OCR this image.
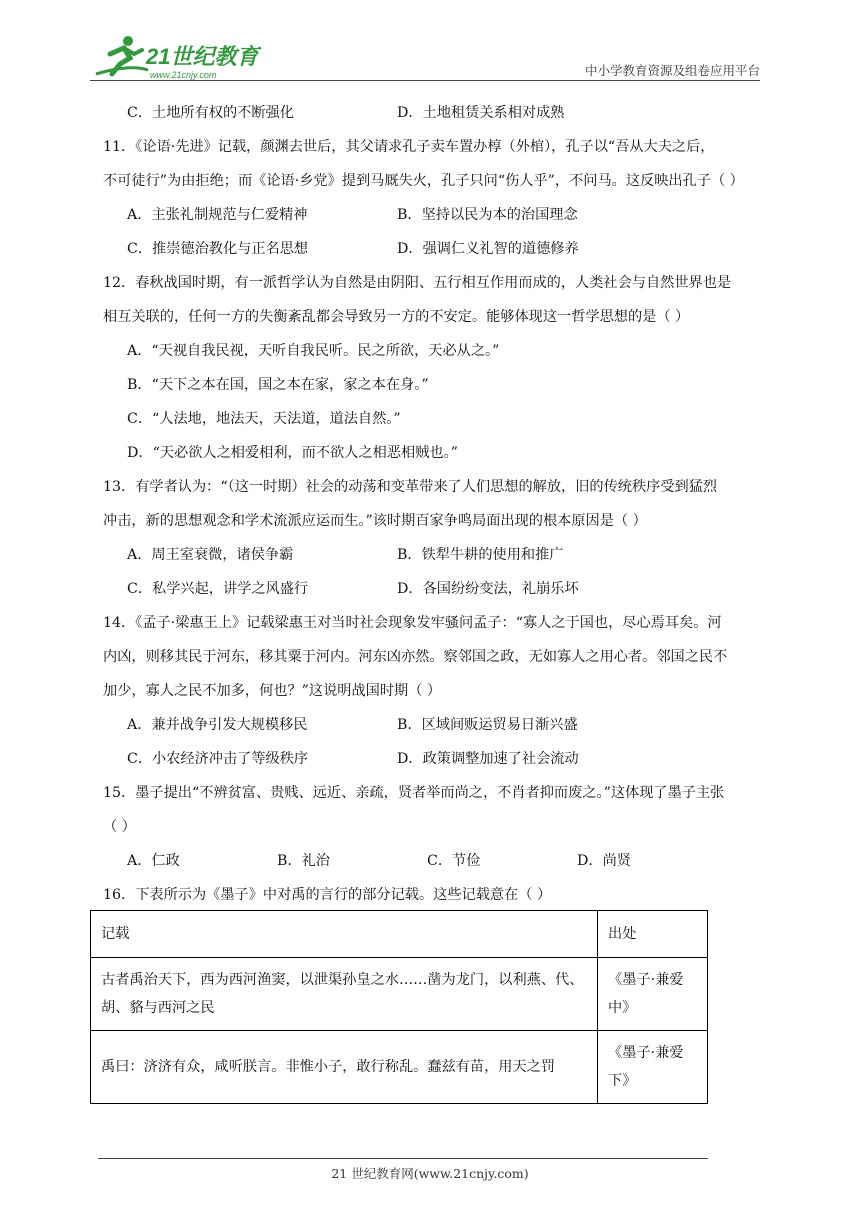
21世纪教育
www.21cnjy.com	中小学教育资源及组卷应用平台
C．土地所有权的不断强化	D．土地租赁关系相对成熟
11．《论语·先进》记载，颜渊去世后，其父请求孔子卖车置办椁（外棺），孔子以“吾从大夫之后，
不可徒行”为由拒绝；而《论语·乡党》提到马厩失火，孔子只问“伤人乎”，不问马。这反映出孔子（ ）
A．主张礼制规范与仁爱精神	B．坚持以民为本的治国理念
C．推崇德治教化与正名思想	D．强调仁义礼智的道德修养
12．春秋战国时期，有一派哲学认为自然是由阴阳、五行相互作用而成的，人类社会与自然世界也是
相互关联的，任何一方的失衡紊乱都会导致另一方的不安定。能够体现这一哲学思想的是（ ）
A．“天视自我民视，天听自我民听。民之所欲，天必从之。”
B．“天下之本在国，国之本在家，家之本在身。”
C．“人法地，地法天，天法道，道法自然。”
D．“天必欲人之相爱相利，而不欲人之相恶相贼也。”
13．有学者认为：“（这一时期）社会的动荡和变革带来了人们思想的解放，旧的传统秩序受到猛烈
冲击，新的思想观念和学术流派应运而生。”该时期百家争鸣局面出现的根本原因是（ ）
A．周王室衰微，诸侯争霸	B．铁犁牛耕的使用和推广
C．私学兴起，讲学之风盛行	D．各国纷纷变法，礼崩乐坏
14．《孟子·梁惠王上》记载梁惠王对当时社会现象发牢骚问孟子：“寡人之于国也，尽心焉耳矣。河
内凶，则移其民于河东，移其粟于河内。河东凶亦然。察邻国之政，无如寡人之用心者。邻国之民不
加少，寡人之民不加多，何也？”这说明战国时期（ ）
A．兼并战争引发大规模移民	B．区域间贩运贸易日渐兴盛
C．小农经济冲击了等级秩序	D．政策调整加速了社会流动
15．墨子提出“不辨贫富、贵贱、远近、亲疏，贤者举而尚之，不肖者抑而废之。”这体现了墨子主张
（ ）
A．仁政	B．礼治	C．节俭	D．尚贤
16．下表所示为《墨子》中对禹的言行的部分记载。这些记载意在（ ）
记载	出处
古者禹治天下，西为西河渔窦，以泄渠孙皇之水……凿为龙门，以利燕、代、胡、貉与西河之民	《墨子·兼爱中》
禹曰：济济有众，咸听朕言。非惟小子，敢行称乱。蠢兹有苗，用天之罚	《墨子·兼爱下》
21 世纪教育网(www.21cnjy.com)
